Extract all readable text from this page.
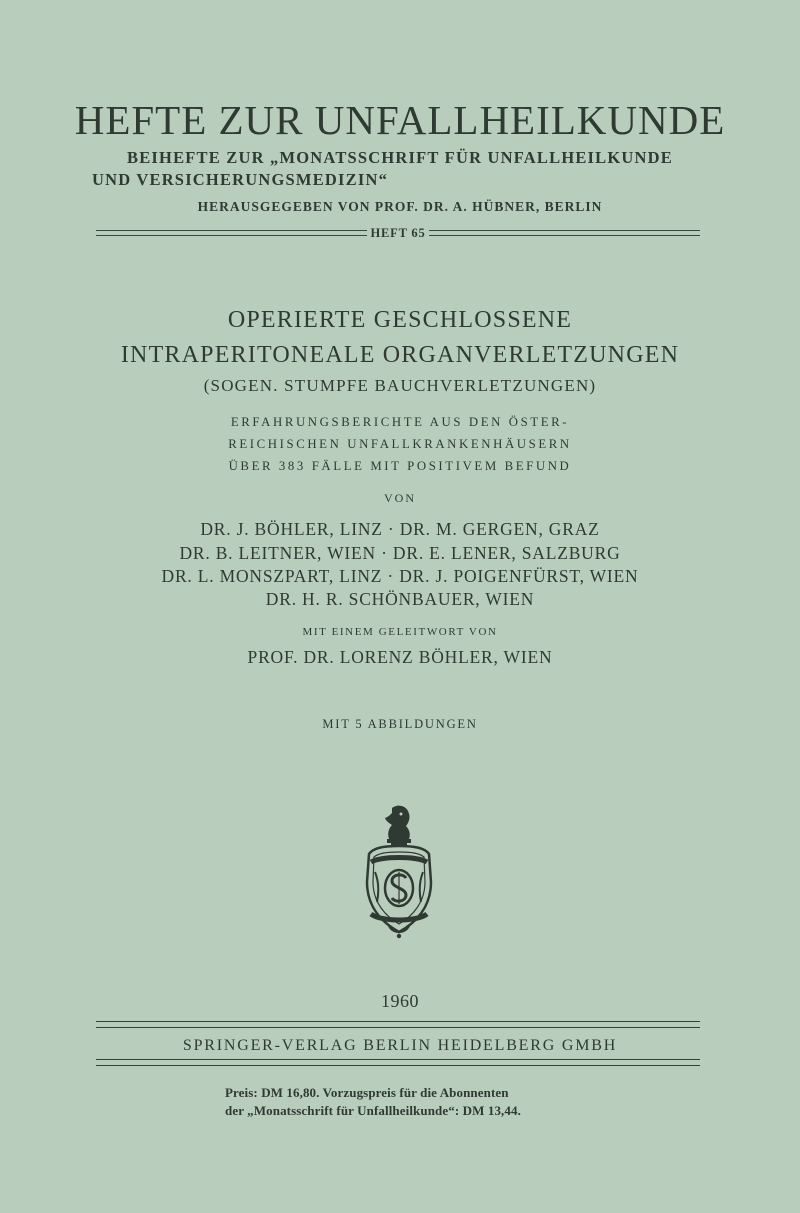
HEFTE ZUR UNFALLHEILKUNDE
BEIHEFTE ZUR „MONATSSCHRIFT FÜR UNFALLHEILKUNDE
UND VERSICHERUNGSMEDIZIN“
HERAUSGEGEBEN VON PROF. DR. A. HÜBNER, BERLIN
HEFT 65
OPERIERTE GESCHLOSSENE
INTRAPERITONEALE ORGANVERLETZUNGEN
(SOGEN. STUMPFE BAUCHVERLETZUNGEN)
ERFAHRUNGSBERICHTE AUS DEN ÖSTER-
REICHISCHEN UNFALLKRANKENHÄUSERN
ÜBER 383 FÄLLE MIT POSITIVEM BEFUND
VON
DR. J. BÖHLER, LINZ · DR. M. GERGEN, GRAZ
DR. B. LEITNER, WIEN · DR. E. LENER, SALZBURG
DR. L. MONSZPART, LINZ · DR. J. POIGENFÜRST, WIEN
DR. H. R. SCHÖNBAUER, WIEN
MIT EINEM GELEITWORT VON
PROF. DR. LORENZ BÖHLER, WIEN
MIT 5 ABBILDUNGEN
1960
SPRINGER-VERLAG BERLIN HEIDELBERG GMBH
Preis: DM 16,80. Vorzugspreis für die Abonnenten
der „Monatsschrift für Unfallheilkunde“: DM 13,44.
